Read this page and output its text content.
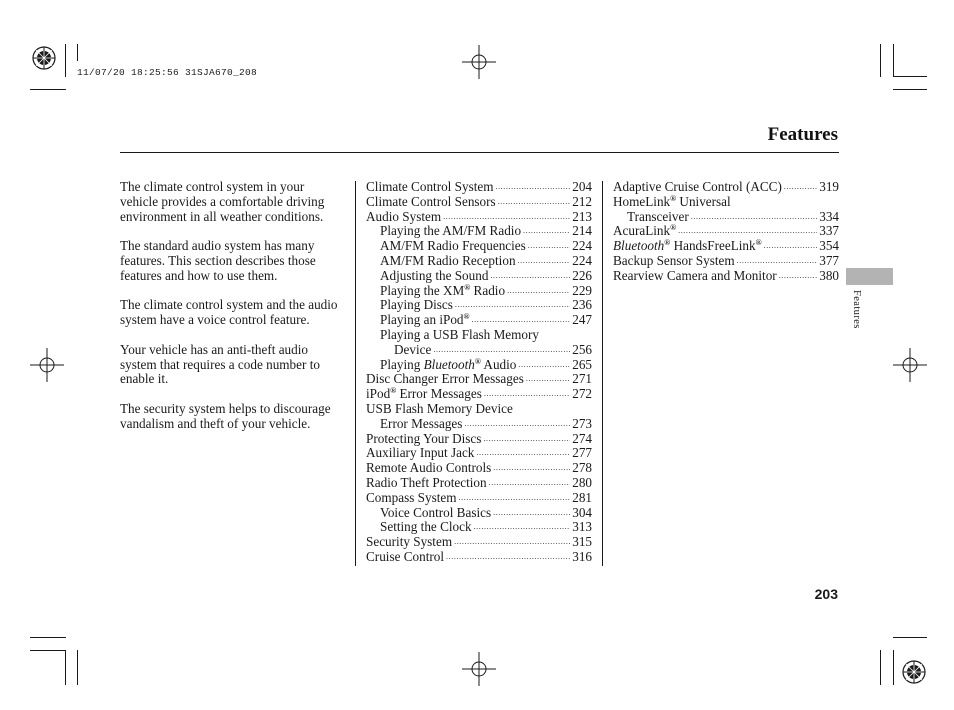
11/07/20 18:25:56 31SJA670_208
Features

The climate control system in your vehicle provides a comfortable driving environment in all weather conditions.

The standard audio system has many features. This section describes those features and how to use them.

The climate control system and the audio system have a voice control feature.

Your vehicle has an anti-theft audio system that requires a code number to enable it.

The security system helps to discourage vandalism and theft of your vehicle.

Climate Control System .....	204
Climate Control Sensors .....	212
Audio System .....	213
Playing the AM/FM Radio .....	214
AM/FM Radio Frequencies .....	224
AM/FM Radio Reception .....	224
Adjusting the Sound .....	226
Playing the XM® Radio .....	229
Playing Discs .....	236
Playing an iPod® .....	247
Playing a USB Flash Memory
Device .....	256
Playing Bluetooth® Audio .....	265
Disc Changer Error Messages .....	271
iPod® Error Messages .....	272
USB Flash Memory Device
Error Messages .....	273
Protecting Your Discs .....	274
Auxiliary Input Jack .....	277
Remote Audio Controls .....	278
Radio Theft Protection .....	280
Compass System .....	281
Voice Control Basics .....	304
Setting the Clock .....	313
Security System .....	315
Cruise Control .....	316
Adaptive Cruise Control (ACC) .....	319
HomeLink® Universal
Transceiver .....	334
AcuraLink® .....	337
Bluetooth® HandsFreeLink® .....	354
Backup Sensor System .....	377
Rearview Camera and Monitor .....	380
Features
203
